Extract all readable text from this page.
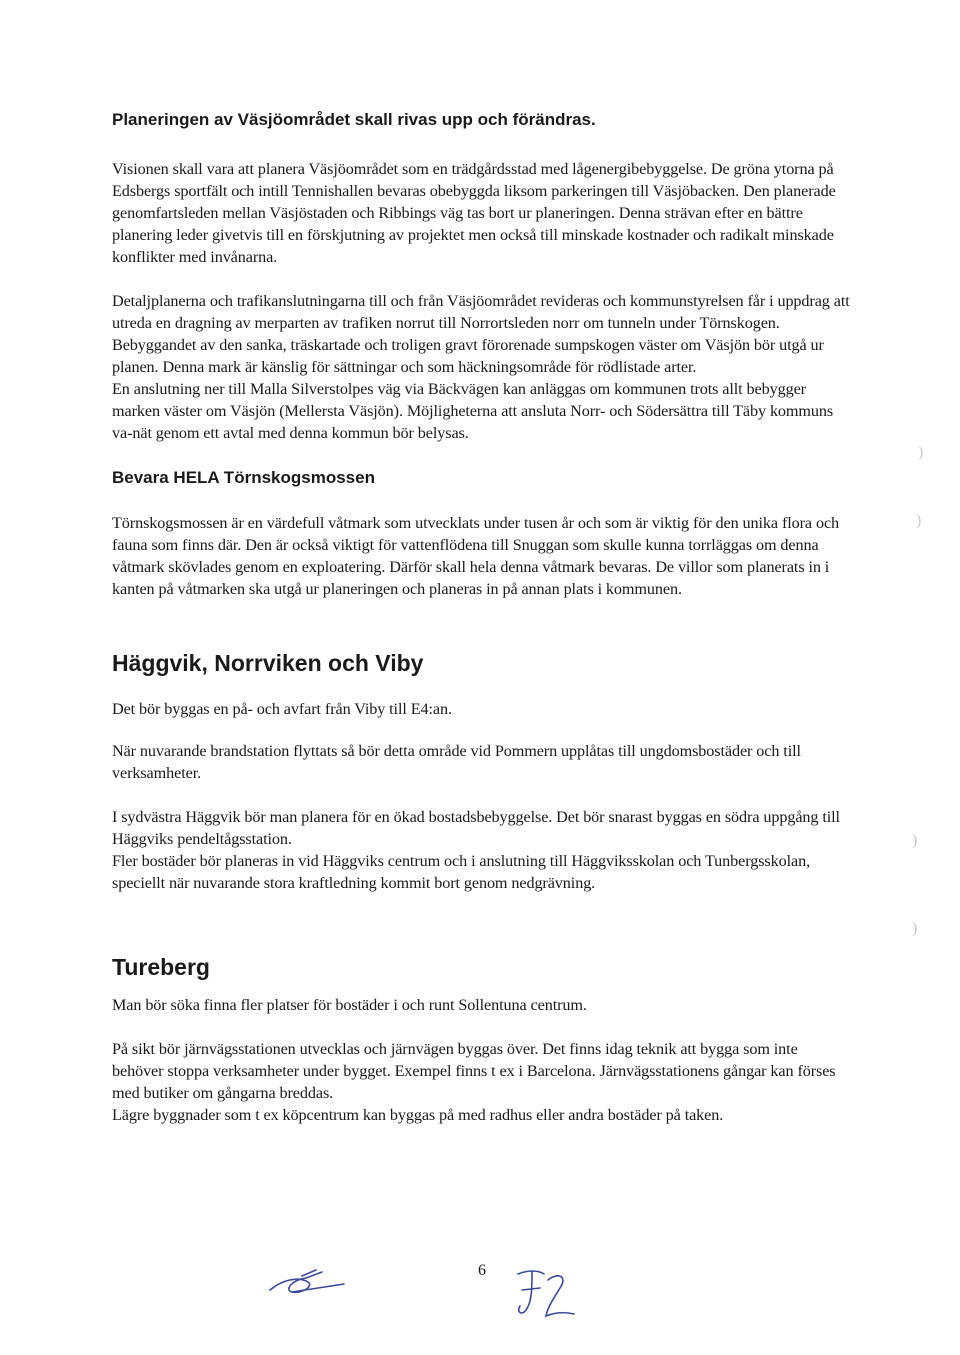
Planeringen av Väsjöområdet skall rivas upp och förändras.

Visionen skall vara att planera Väsjöområdet som en trädgårdsstad med lågenergibebyggelse. De gröna ytorna på Edsbergs sportfält och intill Tennishallen bevaras obebyggda liksom parkeringen till Väsjöbacken. Den planerade genomfartsleden mellan Väsjöstaden och Ribbings väg tas bort ur planeringen. Denna strävan efter en bättre planering leder givetvis till en förskjutning av projektet men också till minskade kostnader och radikalt minskade konflikter med invånarna.

Detaljplanerna och trafikanslutningarna till och från Väsjöområdet revideras och kommunstyrelsen får i uppdrag att utreda en dragning av merparten av trafiken norrut till Norrortsleden norr om tunneln under Törnskogen. Bebyggandet av den sanka, träskartade och troligen gravt förorenade sumpskogen väster om Väsjön bör utgå ur planen. Denna mark är känslig för sättningar och som häckningsområde för rödlistade arter.

En anslutning ner till Malla Silverstolpes väg via Bäckvägen kan anläggas om kommunen trots allt bebygger marken väster om Väsjön (Mellersta Väsjön). Möjligheterna att ansluta Norr- och Södersättra till Täby kommuns va-nät genom ett avtal med denna kommun bör belysas.

Bevara HELA Törnskogsmossen

Törnskogsmossen är en värdefull våtmark som utvecklats under tusen år och som är viktig för den unika flora och fauna som finns där. Den är också viktigt för vattenflödena till Snuggan som skulle kunna torrläggas om denna våtmark skövlades genom en exploatering. Därför skall hela denna våtmark bevaras. De villor som planerats in i kanten på våtmarken ska utgå ur planeringen och planeras in på annan plats i kommunen.

Häggvik, Norrviken och Viby

Det bör byggas en på- och avfart från Viby till E4:an.

När nuvarande brandstation flyttats så bör detta område vid Pommern upplåtas till ungdomsbostäder och till verksamheter.

I sydvästra Häggvik bör man planera för en ökad bostadsbebyggelse. Det bör snarast byggas en södra uppgång till Häggviks pendeltågsstation.

Fler bostäder bör planeras in vid Häggviks centrum och i anslutning till Häggviksskolan och Tunbergsskolan, speciellt när nuvarande stora kraftledning kommit bort genom nedgrävning.

Tureberg

Man bör söka finna fler platser för bostäder i och runt Sollentuna centrum.

På sikt bör järnvägsstationen utvecklas och järnvägen byggas över. Det finns idag teknik att bygga som inte behöver stoppa verksamheter under bygget. Exempel finns t ex i Barcelona. Järnvägsstationens gångar kan förses med butiker om gångarna breddas.

Lägre byggnader som t ex köpcentrum kan byggas på med radhus eller andra bostäder på taken.

6
)
)
)
)
